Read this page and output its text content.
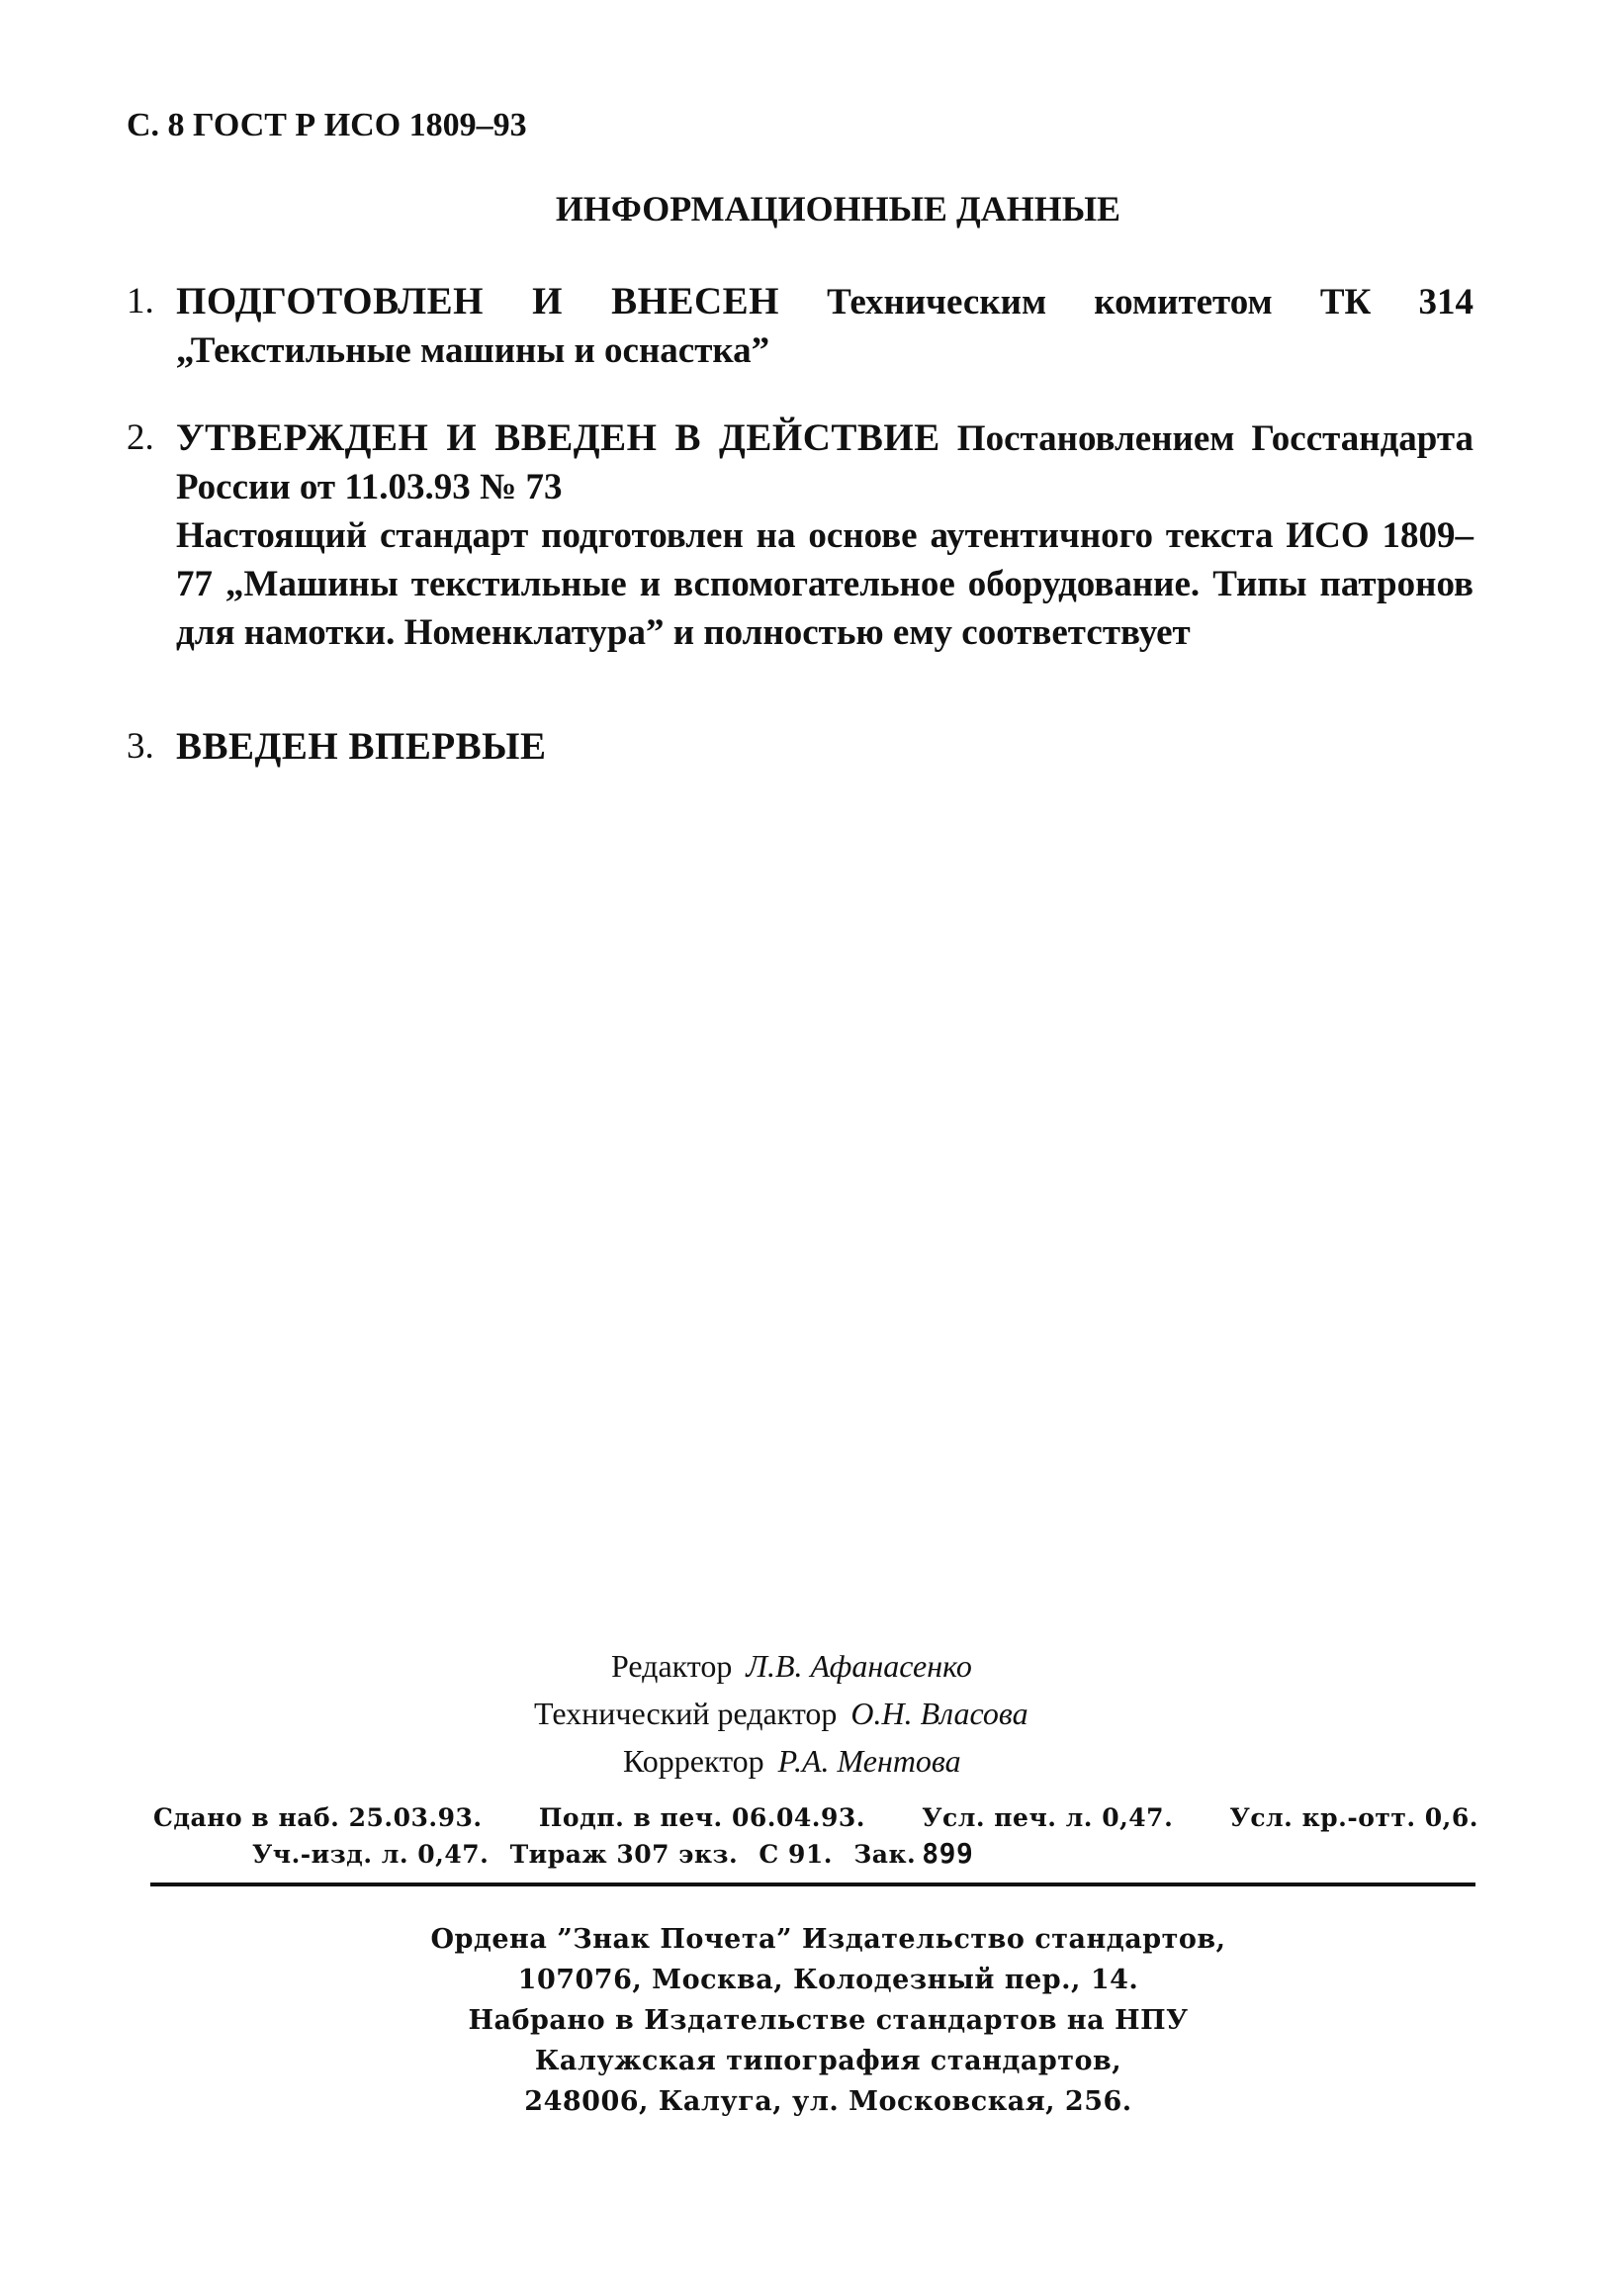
С. 8 ГОСТ Р ИСО 1809–93
ИНФОРМАЦИОННЫЕ ДАННЫЕ
1. ПОДГОТОВЛЕН И ВНЕСЕН Техническим комитетом ТК 314 „Текстильные машины и оснастка”
2. УТВЕРЖДЕН И ВВЕДЕН В ДЕЙСТВИЕ Постановлением Госстандарта России от 11.03.93 № 73
Настоящий стандарт подготовлен на основе аутентичного текста ИСО 1809–77 „Машины текстильные и вспомогательное оборудование. Типы патронов для намотки. Номенклатура” и полностью ему соответствует
3. ВВЕДЕН ВПЕРВЫЕ
Редактор Л.В. Афанасенко
Технический редактор О.Н. Власова
Корректор Р.А. Ментова
Сдано в наб. 25.03.93. Подп. в печ. 06.04.93. Усл. печ. л. 0,47. Усл. кр.-отт. 0,6.
Уч.-изд. л. 0,47. Тираж 307 экз. С 91. Зак. 899
Ордена ”Знак Почета” Издательство стандартов,
107076, Москва, Колодезный пер., 14.
Набрано в Издательстве стандартов на НПУ
Калужская типография стандартов,
248006, Калуга, ул. Московская, 256.
